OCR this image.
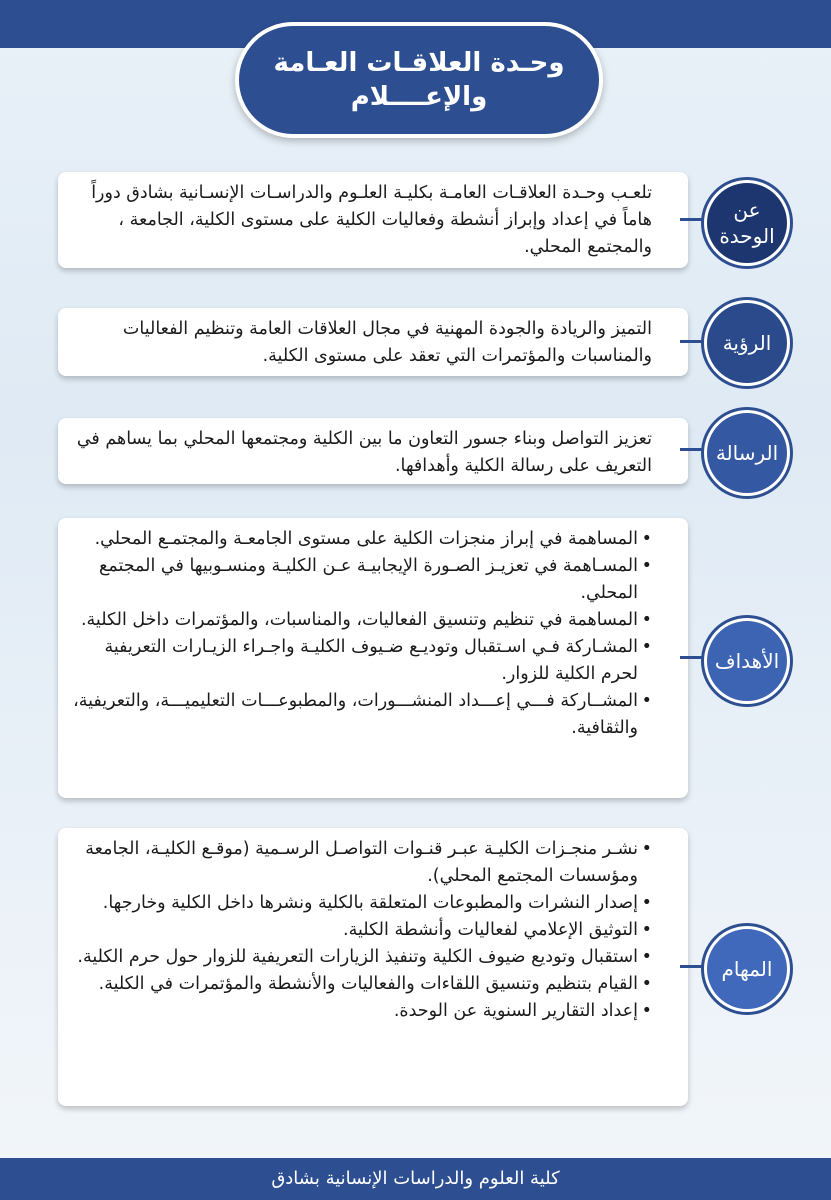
وحـدة العلاقـات العـامة
والإعــــلام

تلعـب وحـدة العلاقـات العامـة بكليـة العلـوم والدراسـات الإنسـانية بشادق دوراً هاماً في إعداد وإبراز أنشطة وفعاليات الكلية على مستوى الكلية، الجامعة ، والمجتمع المحلي.

عن الوحدة

التميز والريادة والجودة المهنية في مجال العلاقات العامة وتنظيم الفعاليات والمناسبات والمؤتمرات التي تعقد على مستوى الكلية.

الرؤية

تعزيز التواصل وبناء جسور التعاون ما بين الكلية ومجتمعها المحلي بما يساهم في التعريف على رسالة الكلية وأهدافها.

الرسالة
• المساهمة في إبراز منجزات الكلية على مستوى الجامعـة والمجتمـع المحلي.
• المسـاهمة في تعزيـز الصـورة الإيجابيـة عـن الكليـة ومنسـوبيها في المجتمع المحلي.
• المساهمة في تنظيم وتنسيق الفعاليات، والمناسبات، والمؤتمرات داخل الكلية.
• المشـاركة فـي اسـتقبال وتوديـع ضـيوف الكليـة واجـراء الزيـارات التعريفية لحرم الكلية للزوار.
• المشــاركة فـــي إعـــداد المنشـــورات، والمطبوعـــات التعليميـــة، والتعريفية، والثقافية.
الأهداف
• نشـر منجـزات الكليـة عبـر قنـوات التواصـل الرسـمية (موقـع الكليـة، الجامعة ومؤسسات المجتمع المحلي).
• إصدار النشرات والمطبوعات المتعلقة بالكلية ونشرها داخل الكلية وخارجها.
• التوثيق الإعلامي لفعاليات وأنشطة الكلية.
• استقبال وتوديع ضيوف الكلية وتنفيذ الزيارات التعريفية للزوار حول حرم الكلية.
• القيام بتنظيم وتنسيق اللقاءات والفعاليات والأنشطة والمؤتمرات في الكلية.
• إعداد التقارير السنوية عن الوحدة.
المهام
كلية العلوم والدراسات الإنسانية بشادق
